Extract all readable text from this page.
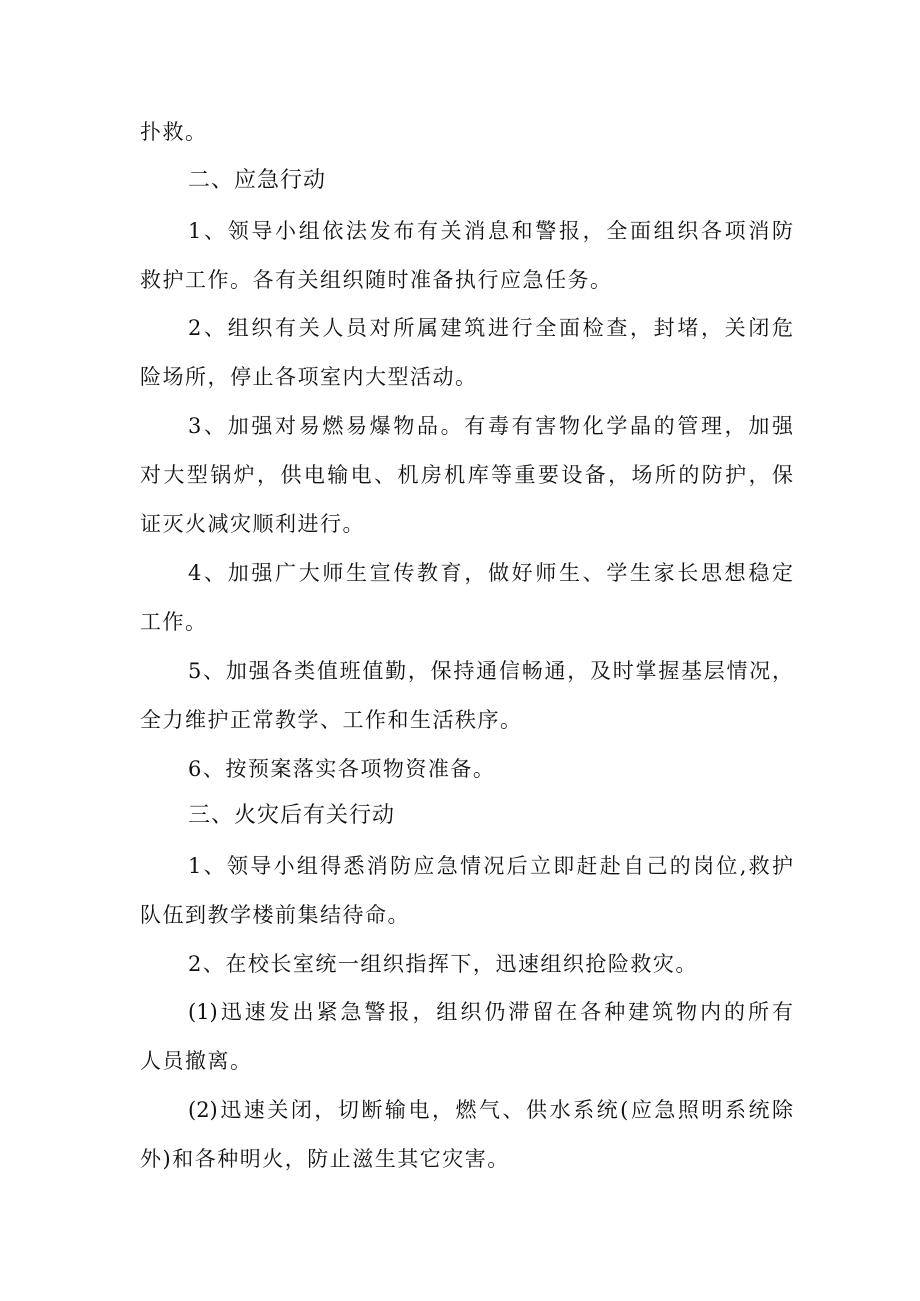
扑救。
二、应急行动
1、领导小组依法发布有关消息和警报，全面组织各项消防
救护工作。各有关组织随时准备执行应急任务。
2、组织有关人员对所属建筑进行全面检查，封堵，关闭危
险场所，停止各项室内大型活动。
3、加强对易燃易爆物品。有毒有害物化学晶的管理，加强
对大型锅炉，供电输电、机房机库等重要设备，场所的防护，保
证灭火减灾顺利进行。
4、加强广大师生宣传教育，做好师生、学生家长思想稳定
工作。
5、加强各类值班值勤，保持通信畅通，及时掌握基层情况，
全力维护正常教学、工作和生活秩序。
6、按预案落实各项物资准备。
三、火灾后有关行动
1、领导小组得悉消防应急情况后立即赶赴自己的岗位,救护
队伍到教学楼前集结待命。
2、在校长室统一组织指挥下，迅速组织抢险救灾。
(1)迅速发出紧急警报，组织仍滞留在各种建筑物内的所有
人员撤离。
(2)迅速关闭，切断输电，燃气、供水系统(应急照明系统除
外)和各种明火，防止滋生其它灾害。
